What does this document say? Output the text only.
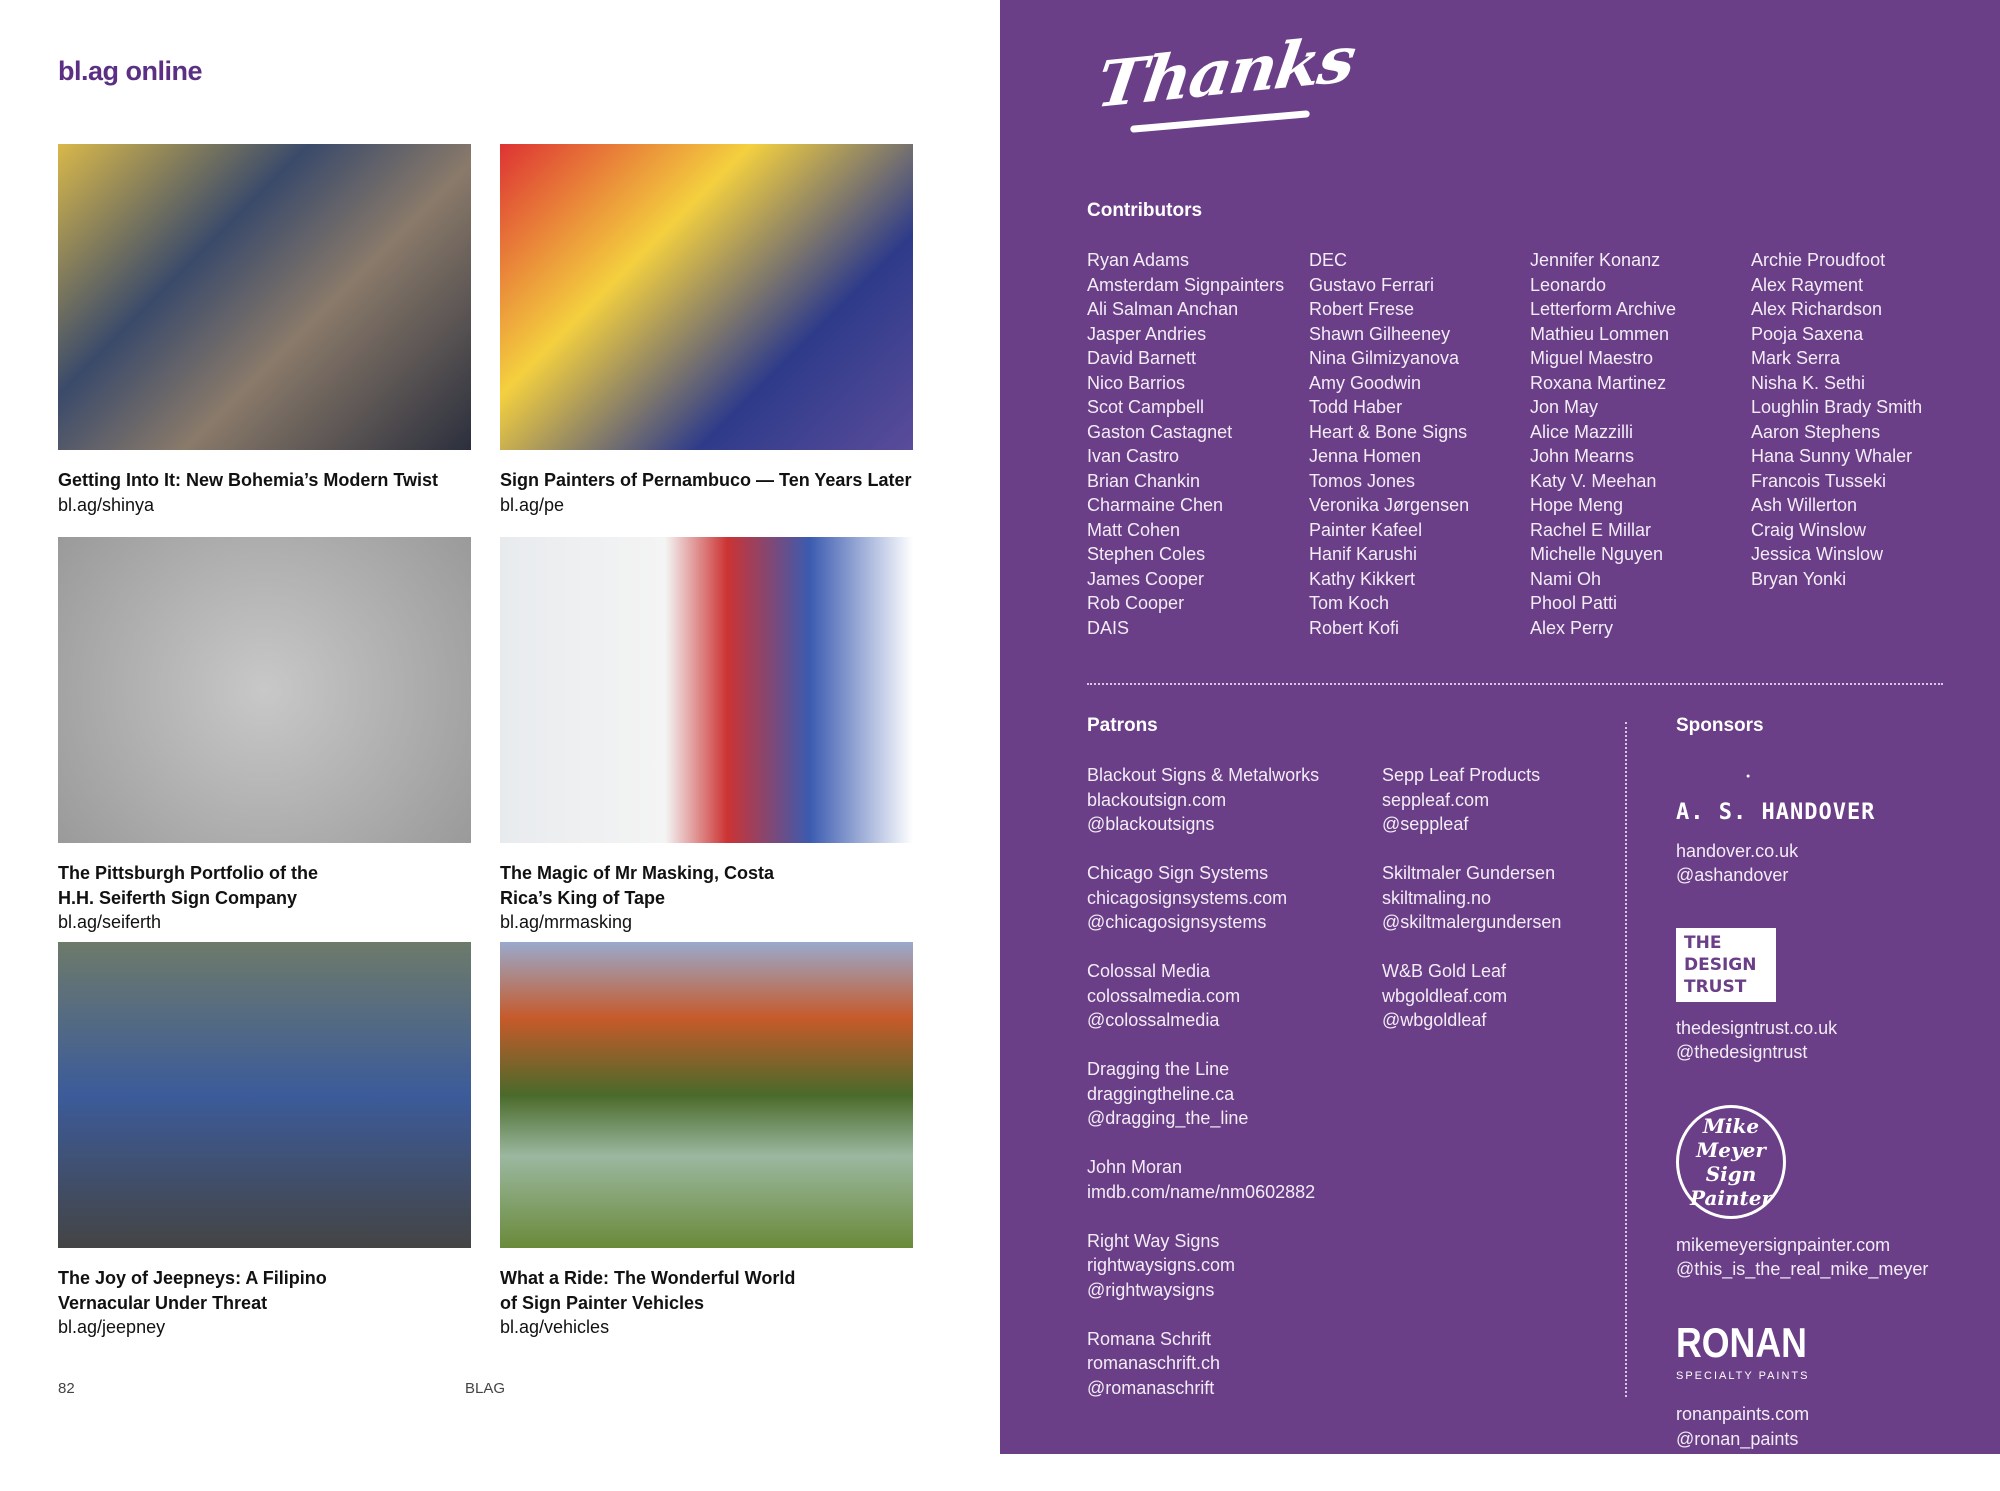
bl.ag online
Getting Into It: New Bohemia’s Modern Twist
bl.ag/shinya
Sign Painters of Pernambuco — Ten Years Later
bl.ag/pe
The Pittsburgh Portfolio of the H.H. Seiferth Sign Company
bl.ag/seiferth
The Magic of Mr Masking, Costa Rica’s King of Tape
bl.ag/mrmasking
The Joy of Jeepneys: A Filipino Vernacular Under Threat
bl.ag/jeepney
What a Ride: The Wonderful World of Sign Painter Vehicles
bl.ag/vehicles
82	BLAG
Thanks
Contributors
Ryan Adams
Amsterdam Signpainters
Ali Salman Anchan
Jasper Andries
David Barnett
Nico Barrios
Scot Campbell
Gaston Castagnet
Ivan Castro
Brian Chankin
Charmaine Chen
Matt Cohen
Stephen Coles
James Cooper
Rob Cooper
DAIS
DEC
Gustavo Ferrari
Robert Frese
Shawn Gilheeney
Nina Gilmizyanova
Amy Goodwin
Todd Haber
Heart & Bone Signs
Jenna Homen
Tomos Jones
Veronika Jørgensen
Painter Kafeel
Hanif Karushi
Kathy Kikkert
Tom Koch
Robert Kofi
Jennifer Konanz
Leonardo
Letterform Archive
Mathieu Lommen
Miguel Maestro
Roxana Martinez
Jon May
Alice Mazzilli
John Mearns
Katy V. Meehan
Hope Meng
Rachel E Millar
Michelle Nguyen
Nami Oh
Phool Patti
Alex Perry
Archie Proudfoot
Alex Rayment
Alex Richardson
Pooja Saxena
Mark Serra
Nisha K. Sethi
Loughlin Brady Smith
Aaron Stephens
Hana Sunny Whaler
Francois Tusseki
Ash Willerton
Craig Winslow
Jessica Winslow
Bryan Yonki
Patrons
Blackout Signs & Metalworks
blackoutsign.com
@blackoutsigns
Chicago Sign Systems
chicagosignsystems.com
@chicagosignsystems
Colossal Media
colossalmedia.com
@colossalmedia
Dragging the Line
draggingtheline.ca
@dragging_the_line
John Moran
imdb.com/name/nm0602882
Right Way Signs
rightwaysigns.com
@rightwaysigns
Romana Schrift
romanaschrift.ch
@romanaschrift
Sepp Leaf Products
seppleaf.com
@seppleaf
Skiltmaler Gundersen
skiltmaling.no
@skiltmalergundersen
W&B Gold Leaf
wbgoldleaf.com
@wbgoldleaf
Sponsors
●
A. S. HANDOVER
handover.co.uk
@ashandover
THE DESIGN TRUST
thedesigntrust.co.uk
@thedesigntrust
Mike Meyer Sign Painter
mikemeyersignpainter.com
@this_is_the_real_mike_meyer
RONAN
SPECIALTY PAINTS
ronanpaints.com
@ronan_paints
